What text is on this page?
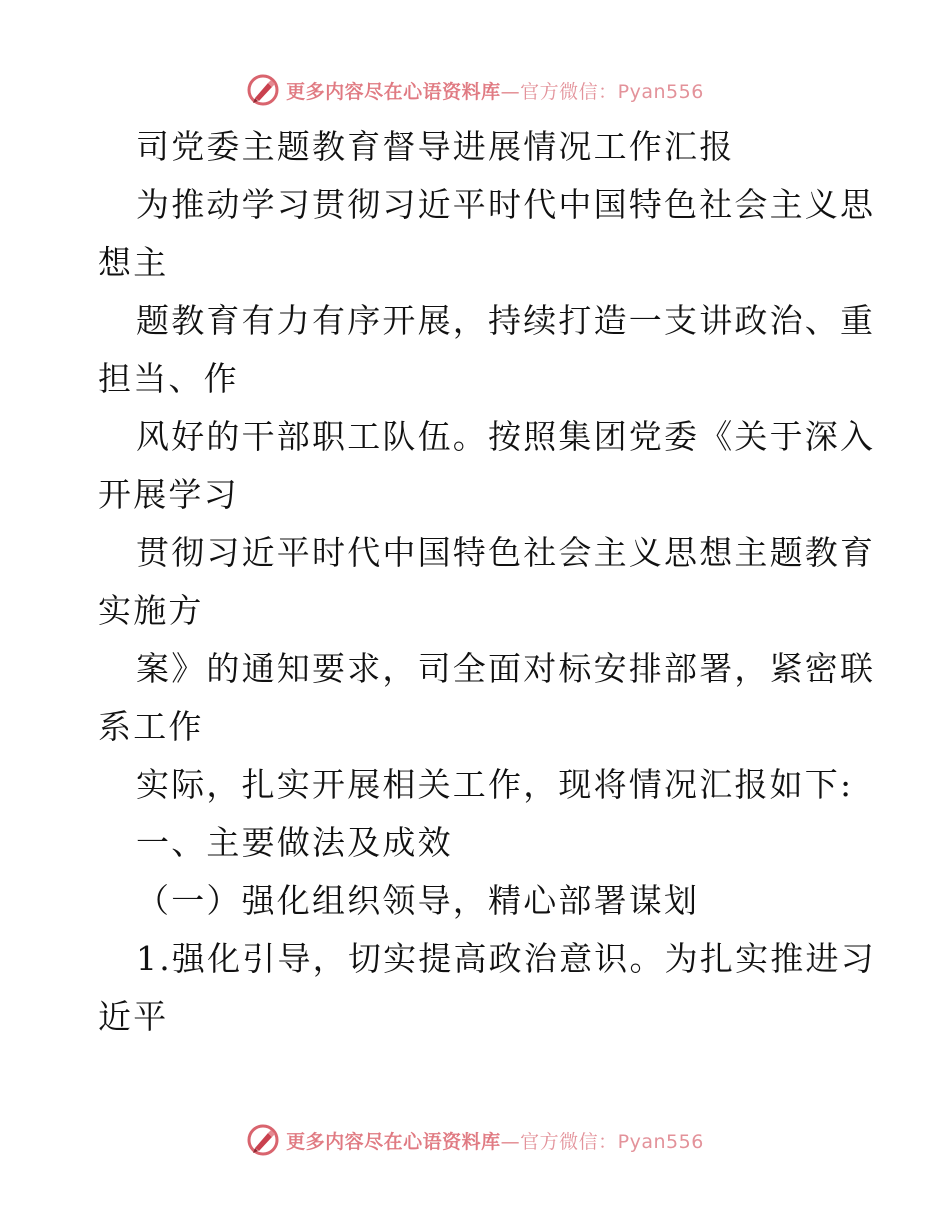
更多内容尽在心语资料库—官方微信：Pyan556
司党委主题教育督导进展情况工作汇报
为推动学习贯彻习近平时代中国特色社会主义思
想主
题教育有力有序开展，持续打造一支讲政治、重
担当、作
风好的干部职工队伍。按照集团党委《关于深入
开展学习
贯彻习近平时代中国特色社会主义思想主题教育
实施方
案》的通知要求，司全面对标安排部署，紧密联
系工作
实际，扎实开展相关工作，现将情况汇报如下:
一、主要做法及成效
（一）强化组织领导，精心部署谋划
1.强化引导，切实提高政治意识。为扎实推进习
近平
更多内容尽在心语资料库—官方微信：Pyan556
